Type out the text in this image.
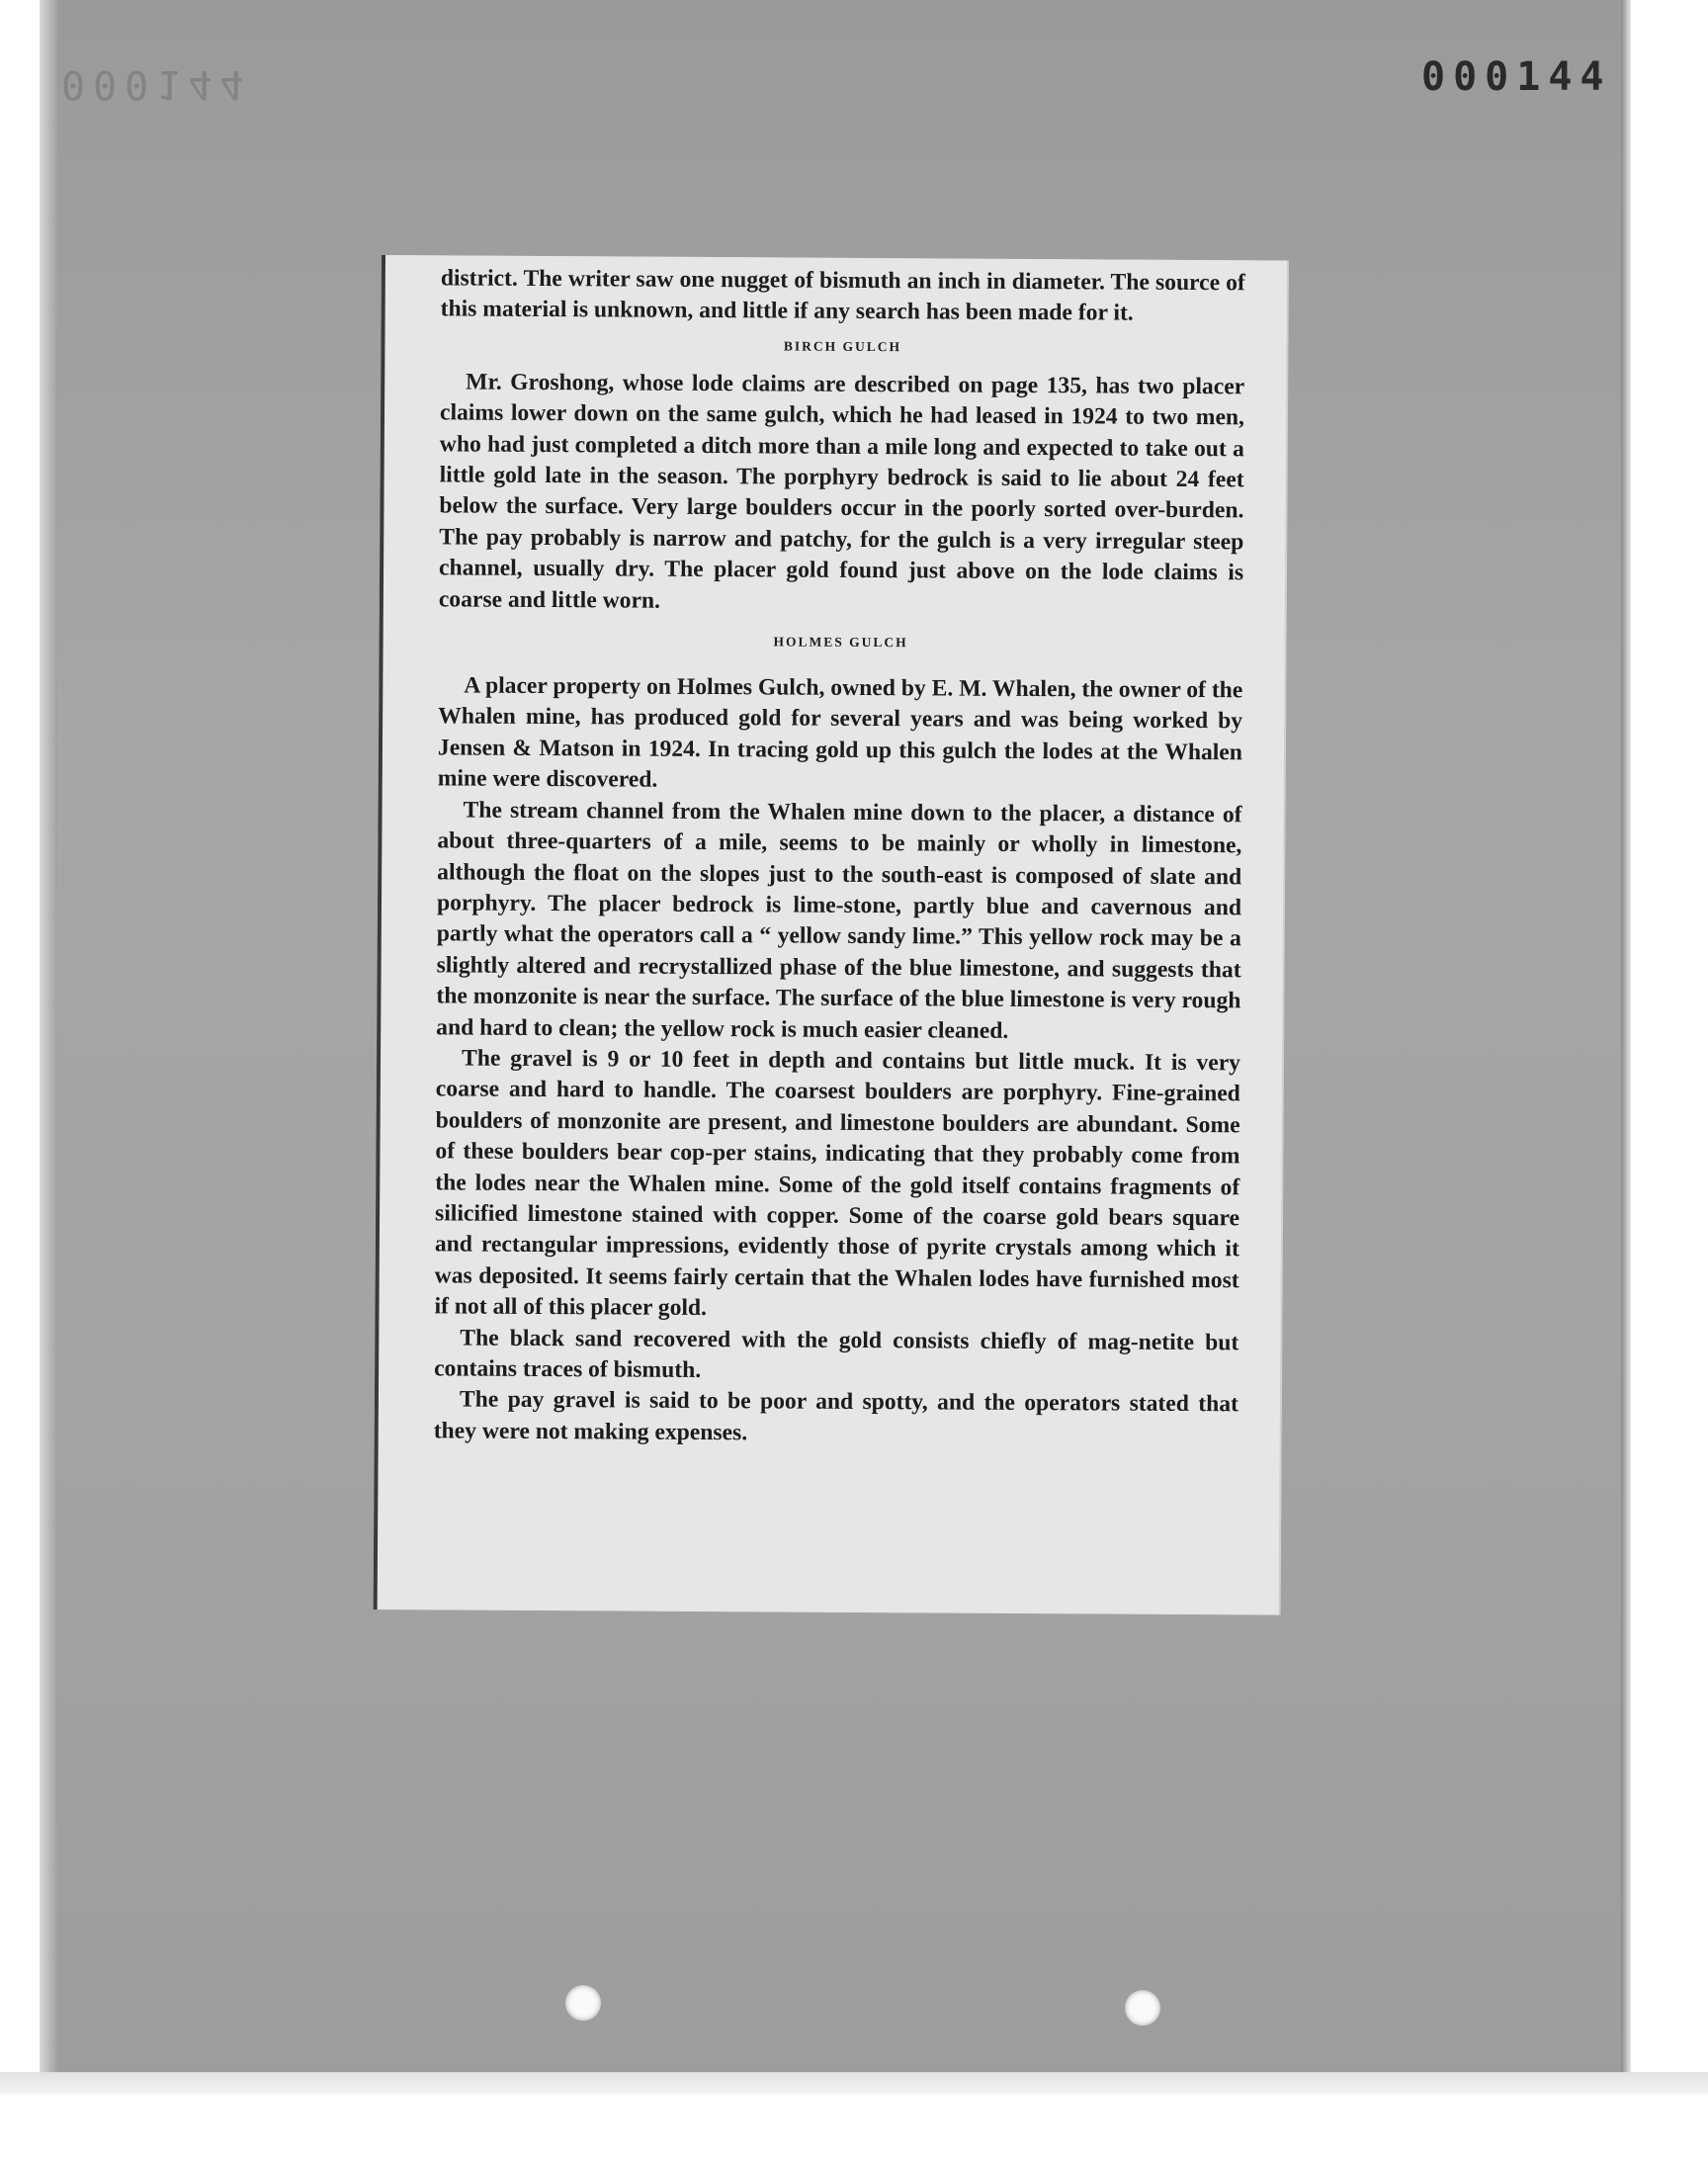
000144	000144

district. The writer saw one nugget of bismuth an inch in diameter. The source of this material is unknown, and little if any search has been made for it.

BIRCH GULCH

Mr. Groshong, whose lode claims are described on page 135, has two placer claims lower down on the same gulch, which he had leased in 1924 to two men, who had just completed a ditch more than a mile long and expected to take out a little gold late in the season. The porphyry bedrock is said to lie about 24 feet below the surface. Very large boulders occur in the poorly sorted over-burden. The pay probably is narrow and patchy, for the gulch is a very irregular steep channel, usually dry. The placer gold found just above on the lode claims is coarse and little worn.

HOLMES GULCH

A placer property on Holmes Gulch, owned by E. M. Whalen, the owner of the Whalen mine, has produced gold for several years and was being worked by Jensen & Matson in 1924. In tracing gold up this gulch the lodes at the Whalen mine were discovered.

The stream channel from the Whalen mine down to the placer, a distance of about three-quarters of a mile, seems to be mainly or wholly in limestone, although the float on the slopes just to the south-east is composed of slate and porphyry. The placer bedrock is lime-stone, partly blue and cavernous and partly what the operators call a “ yellow sandy lime.” This yellow rock may be a slightly altered and recrystallized phase of the blue limestone, and suggests that the monzonite is near the surface. The surface of the blue limestone is very rough and hard to clean; the yellow rock is much easier cleaned.

The gravel is 9 or 10 feet in depth and contains but little muck. It is very coarse and hard to handle. The coarsest boulders are porphyry. Fine-grained boulders of monzonite are present, and limestone boulders are abundant. Some of these boulders bear cop-per stains, indicating that they probably come from the lodes near the Whalen mine. Some of the gold itself contains fragments of silicified limestone stained with copper. Some of the coarse gold bears square and rectangular impressions, evidently those of pyrite crystals among which it was deposited. It seems fairly certain that the Whalen lodes have furnished most if not all of this placer gold.

The black sand recovered with the gold consists chiefly of mag-netite but contains traces of bismuth.

The pay gravel is said to be poor and spotty, and the operators stated that they were not making expenses.
